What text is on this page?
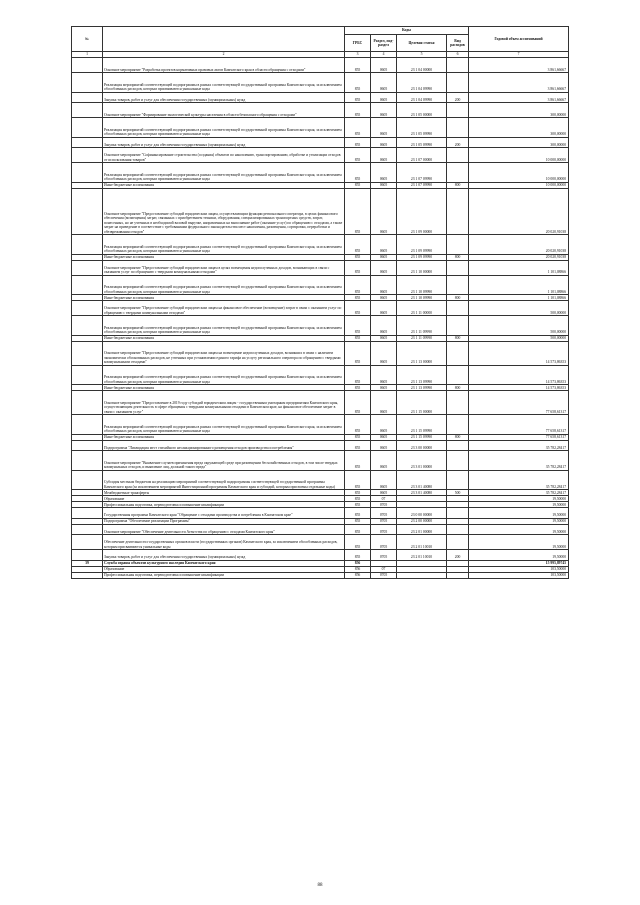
№		Коды				Годовой объем ассигнований
		ГРБС	Раздел, под-раздел	Целевая статья	Вид расходов	
1	2	3	4	5	6	7
	Основное мероприятие "Разработка проектов нормативных правовых актов Камчатского края в области обращения с отходами"	855	0605	23 1 04 00000		3 861,66667
	Реализация мероприятий соответствующей подпрограммы в рамках соответствующей государственной программы Камчатского края, за исключением обособленных расходов, которым присваиваются уникальные коды	855	0605	23 1 04 09990		3 861,66667
	Закупка товаров, работ и услуг для обеспечения государственных (муниципальных) нужд	855	0605	23 1 04 09990	200	3 861,66667
	Основное мероприятие "Формирование экологической культуры населения в области безопасного обращения с отходами"	855	0605	23 1 05 00000		300,00000
	Реализация мероприятий соответствующей подпрограммы в рамках соответствующей государственной программы Камчатского края, за исключением обособленных расходов, которым присваиваются уникальные коды	855	0605	23 1 05 09990		300,00000
	Закупка товаров, работ и услуг для обеспечения государственных (муниципальных) нужд	855	0605	23 1 05 09990	200	300,00000
	Основное мероприятие "Софинансирование строительства (создания) объектов по накоплению, транспортированию, обработке и утилизации отходов от использования товаров"	855	0605	23 1 07 00000		10 000,00000
	Реализация мероприятий соответствующей подпрограммы в рамках соответствующей государственной программы Камчатского края, за исключением обособленных расходов, которым присваиваются уникальные коды	855	0605	23 1 07 09990		10 000,00000
	Иные бюджетные ассигнования	855	0605	23 1 07 09990	800	10 000,00000
	Основное мероприятие "Предоставление субсидий юридическим лицам, осуществляющим функции регионального оператора, в целях финансового обеспечения (возмещения) затрат, связанных с приобретением техники, оборудования, специализированных транспортных средств, затрат, понесенных, но не учтенных в необходимой валовой выручке, направленных на выполнение работ (оказание услуг) по обращению с отходами, а также затрат на приведение в соответствие с требованиями федерального законодательства мест накопления, размещения, сортировки, переработки и обезвреживания отходов"	855	0605	23 1 09 00000		20 020,91038
	Реализация мероприятий соответствующей подпрограммы в рамках соответствующей государственной программы Камчатского края, за исключением обособленных расходов, которым присваиваются уникальные коды	855	0605	23 1 09 09990		20 020,91038
	Иные бюджетные ассигнования	855	0605	23 1 09 09990	800	20 020,91038
	Основное мероприятие "Предоставление субсидий юридическим лицам в целях возмещения недополученных доходов, возникающих в связи с оказанием услуг по обращению с твердыми коммунальными отходами"	855	0605	23 1 10 00000		1 101,08866
	Реализация мероприятий соответствующей подпрограммы в рамках соответствующей государственной программы Камчатского края, за исключением обособленных расходов, которым присваиваются уникальные коды	855	0605	23 1 10 09990		1 101,08866
	Иные бюджетные ассигнования	855	0605	23 1 10 09990	800	1 101,08866
	Основное мероприятие "Предоставление субсидий юридическим лицам на финансовое обеспечение (возмещение) затрат в связи с оказанием услуг по обращению с твердыми коммунальными отходами"	855	0605	23 1 11 00000		500,00000
	Реализация мероприятий соответствующей подпрограммы в рамках соответствующей государственной программы Камчатского края, за исключением обособленных расходов, которым присваиваются уникальные коды	855	0605	23 1 11 09990		500,00000
	Иные бюджетные ассигнования	855	0605	23 1 11 09990	800	500,00000
	Основное мероприятие "Предоставление субсидий юридическим лицам на возмещение недополученных доходов, возникших в связи с наличием экономически обоснованных расходов, не учтенных при установлении единого тарифа на услугу регионального оператора по обращению с твердыми коммунальными отходами"	855	0605	23 1 13 00000		14 573,86353
	Реализация мероприятий соответствующей подпрограммы в рамках соответствующей государственной программы Камчатского края, за исключением обособленных расходов, которым присваиваются уникальные коды	855	0605	23 1 13 09990		14 573,86353
	Иные бюджетные ассигнования	855	0605	23 1 13 09990	800	14 573,86353
	Основное мероприятие "Предоставление в 2019 году субсидий юридическим лицам - государственным унитарным предприятиям Камчатского края, осуществляющим деятельность в сфере обращения с твердыми коммунальными отходами в Камчатском крае, на финансовое обеспечение затрат в связи с оказанием услуг"	855	0605	23 1 15 00000		77 658,61317
	Реализация мероприятий соответствующей подпрограммы в рамках соответствующей государственной программы Камчатского края, за исключением обособленных расходов, которым присваиваются уникальные коды	855	0605	23 1 15 09990		77 658,61317
	Иные бюджетные ассигнования	855	0605	23 1 15 09990	800	77 658,61317
	Подпрограмма "Ликвидация мест стихийного несанкционированного размещения отходов производства и потребления"	855	0605	23 3 00 00000		35 782,28417
	Основное мероприятие "Выявление случаев причинения вреда окружающей среде при размещении бесхозяйственных отходов, в том числе твердых коммунальных отходов, и выявление лиц, должной такого вреда"	855	0605	23 3 01 00000		35 782,28417
	Субсидия местным бюджетам на реализацию мероприятий соответствующей подпрограммы соответствующей государственной программы Камчатского края (за исключением мероприятий Инвестиционной программы Камчатского края и субсидий, которым присвоены отдельные коды)	855	0605	23 3 01 40080		35 782,28417
	Межбюджетные трансферты	855	0605	23 3 01 40080	500	35 782,28417
	Образование	855	07			19,50000
	Профессиональная подготовка, переподготовка и повышение квалификации	855	0705			19,50000
	Государственная программа Камчатского края "Обращение с отходами производства и потребления в Камчатском крае"	855	0705	23 0 00 00000		19,50000
	Подпрограмма "Обеспечение реализации Программы"	855	0705	23 2 00 00000		19,50000
	Основное мероприятие "Обеспечение деятельности Агентства по обращению с отходами Камчатского края"	855	0705	23 2 01 00000		19,50000
	Обеспечение деятельности государственных органов власти (государственных органов) Камчатского края, за исключением обособленных расходов, которым присваиваются уникальные коды	855	0705	23 2 01 10010		19,50000
	Закупка товаров, работ и услуг для обеспечения государственных (муниципальных) нужд	855	0705	23 2 01 10010	200	19,50000
39	Служба охраны объектов культурного наследия Камчатского края	856				15 995,89745
	Образование	856	07			103,50000
	Профессиональная подготовка, переподготовка и повышение квалификации	856	0705			103,50000
88
